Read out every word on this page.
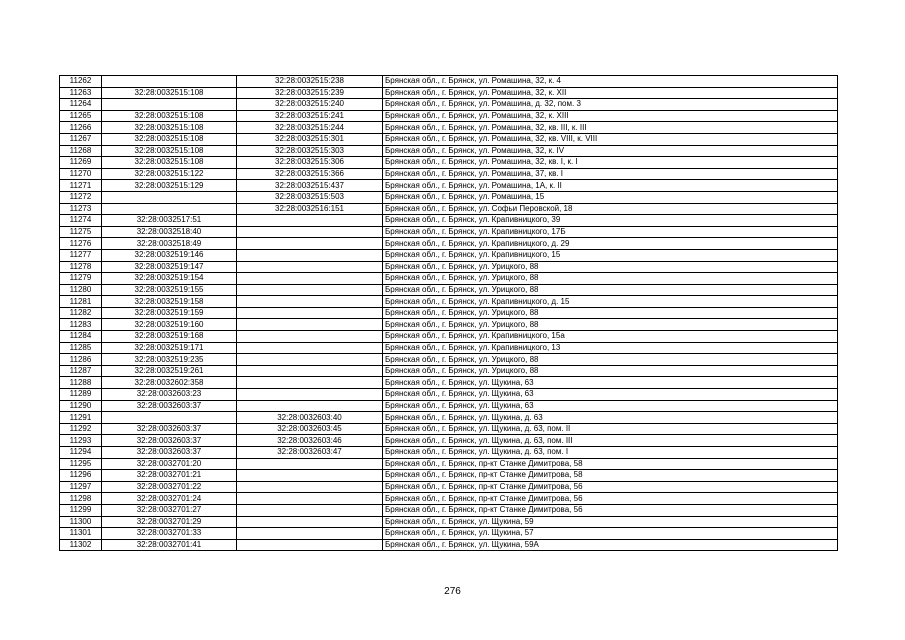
11262		32:28:0032515:238	Брянская обл., г. Брянск, ул. Ромашина, 32, к. 4
11263	32:28:0032515:108	32:28:0032515:239	Брянская обл., г. Брянск, ул. Ромашина, 32, к. XII
11264		32:28:0032515:240	Брянская обл., г. Брянск, ул. Ромашина, д. 32, пом. 3
11265	32:28:0032515:108	32:28:0032515:241	Брянская обл., г. Брянск, ул. Ромашина, 32, к. XIII
11266	32:28:0032515:108	32:28:0032515:244	Брянская обл., г. Брянск, ул. Ромашина, 32, кв. III, к. III
11267	32:28:0032515:108	32:28:0032515:301	Брянская обл., г. Брянск, ул. Ромашина, 32, кв. VIII, к. VIII
11268	32:28:0032515:108	32:28:0032515:303	Брянская обл., г. Брянск, ул. Ромашина, 32, к. IV
11269	32:28:0032515:108	32:28:0032515:306	Брянская обл., г. Брянск, ул. Ромашина, 32, кв. I, к. I
11270	32:28:0032515:122	32:28:0032515:366	Брянская обл., г. Брянск, ул. Ромашина, 37, кв. I
11271	32:28:0032515:129	32:28:0032515:437	Брянская обл., г. Брянск, ул. Ромашина, 1А, к. II
11272		32:28:0032515:503	Брянская обл., г. Брянск, ул. Ромашина, 15
11273		32:28:0032516:151	Брянская обл., г. Брянск, ул. Софьи Перовской, 18
11274	32:28:0032517:51		Брянская обл., г. Брянск, ул. Крапивницкого, 39
11275	32:28:0032518:40		Брянская обл., г. Брянск, ул. Крапивницкого, 17Б
11276	32:28:0032518:49		Брянская обл., г. Брянск, ул. Крапивницкого, д. 29
11277	32:28:0032519:146		Брянская обл., г. Брянск, ул. Крапивницкого, 15
11278	32:28:0032519:147		Брянская обл., г. Брянск, ул. Урицкого, 88
11279	32:28:0032519:154		Брянская обл., г. Брянск, ул. Урицкого, 88
11280	32:28:0032519:155		Брянская обл., г. Брянск, ул. Урицкого, 88
11281	32:28:0032519:158		Брянская обл., г. Брянск, ул. Крапивницкого, д. 15
11282	32:28:0032519:159		Брянская обл., г. Брянск, ул. Урицкого, 88
11283	32:28:0032519:160		Брянская обл., г. Брянск, ул. Урицкого, 88
11284	32:28:0032519:168		Брянская обл., г. Брянск, ул. Крапивницкого, 15а
11285	32:28:0032519:171		Брянская обл., г. Брянск, ул. Крапивницкого, 13
11286	32:28:0032519:235		Брянская обл., г. Брянск, ул. Урицкого, 88
11287	32:28:0032519:261		Брянская обл., г. Брянск, ул. Урицкого, 88
11288	32:28:0032602:358		Брянская обл., г. Брянск, ул. Щукина, 63
11289	32:28:0032603:23		Брянская обл., г. Брянск, ул. Щукина, 63
11290	32:28:0032603:37		Брянская обл., г. Брянск, ул. Щукина, 63
11291		32:28:0032603:40	Брянская обл., г. Брянск, ул. Щукина, д. 63
11292	32:28:0032603:37	32:28:0032603:45	Брянская обл., г. Брянск, ул. Щукина, д. 63, пом. II
11293	32:28:0032603:37	32:28:0032603:46	Брянская обл., г. Брянск, ул. Щукина, д. 63, пом. III
11294	32:28:0032603:37	32:28:0032603:47	Брянская обл., г. Брянск, ул. Щукина, д. 63, пом. I
11295	32:28:0032701:20		Брянская обл., г. Брянск, пр-кт Станке Димитрова, 58
11296	32:28:0032701:21		Брянская обл., г. Брянск, пр-кт Станке Димитрова, 58
11297	32:28:0032701:22		Брянская обл., г. Брянск, пр-кт Станке Димитрова, 56
11298	32:28:0032701:24		Брянская обл., г. Брянск, пр-кт Станке Димитрова, 56
11299	32:28:0032701:27		Брянская обл., г. Брянск, пр-кт Станке Димитрова, 56
11300	32:28:0032701:29		Брянская обл., г. Брянск, ул. Щукина, 59
11301	32:28:0032701:33		Брянская обл., г. Брянск, ул. Щукина, 57
11302	32:28:0032701:41		Брянская обл., г. Брянск, ул. Щукина, 59А
276
